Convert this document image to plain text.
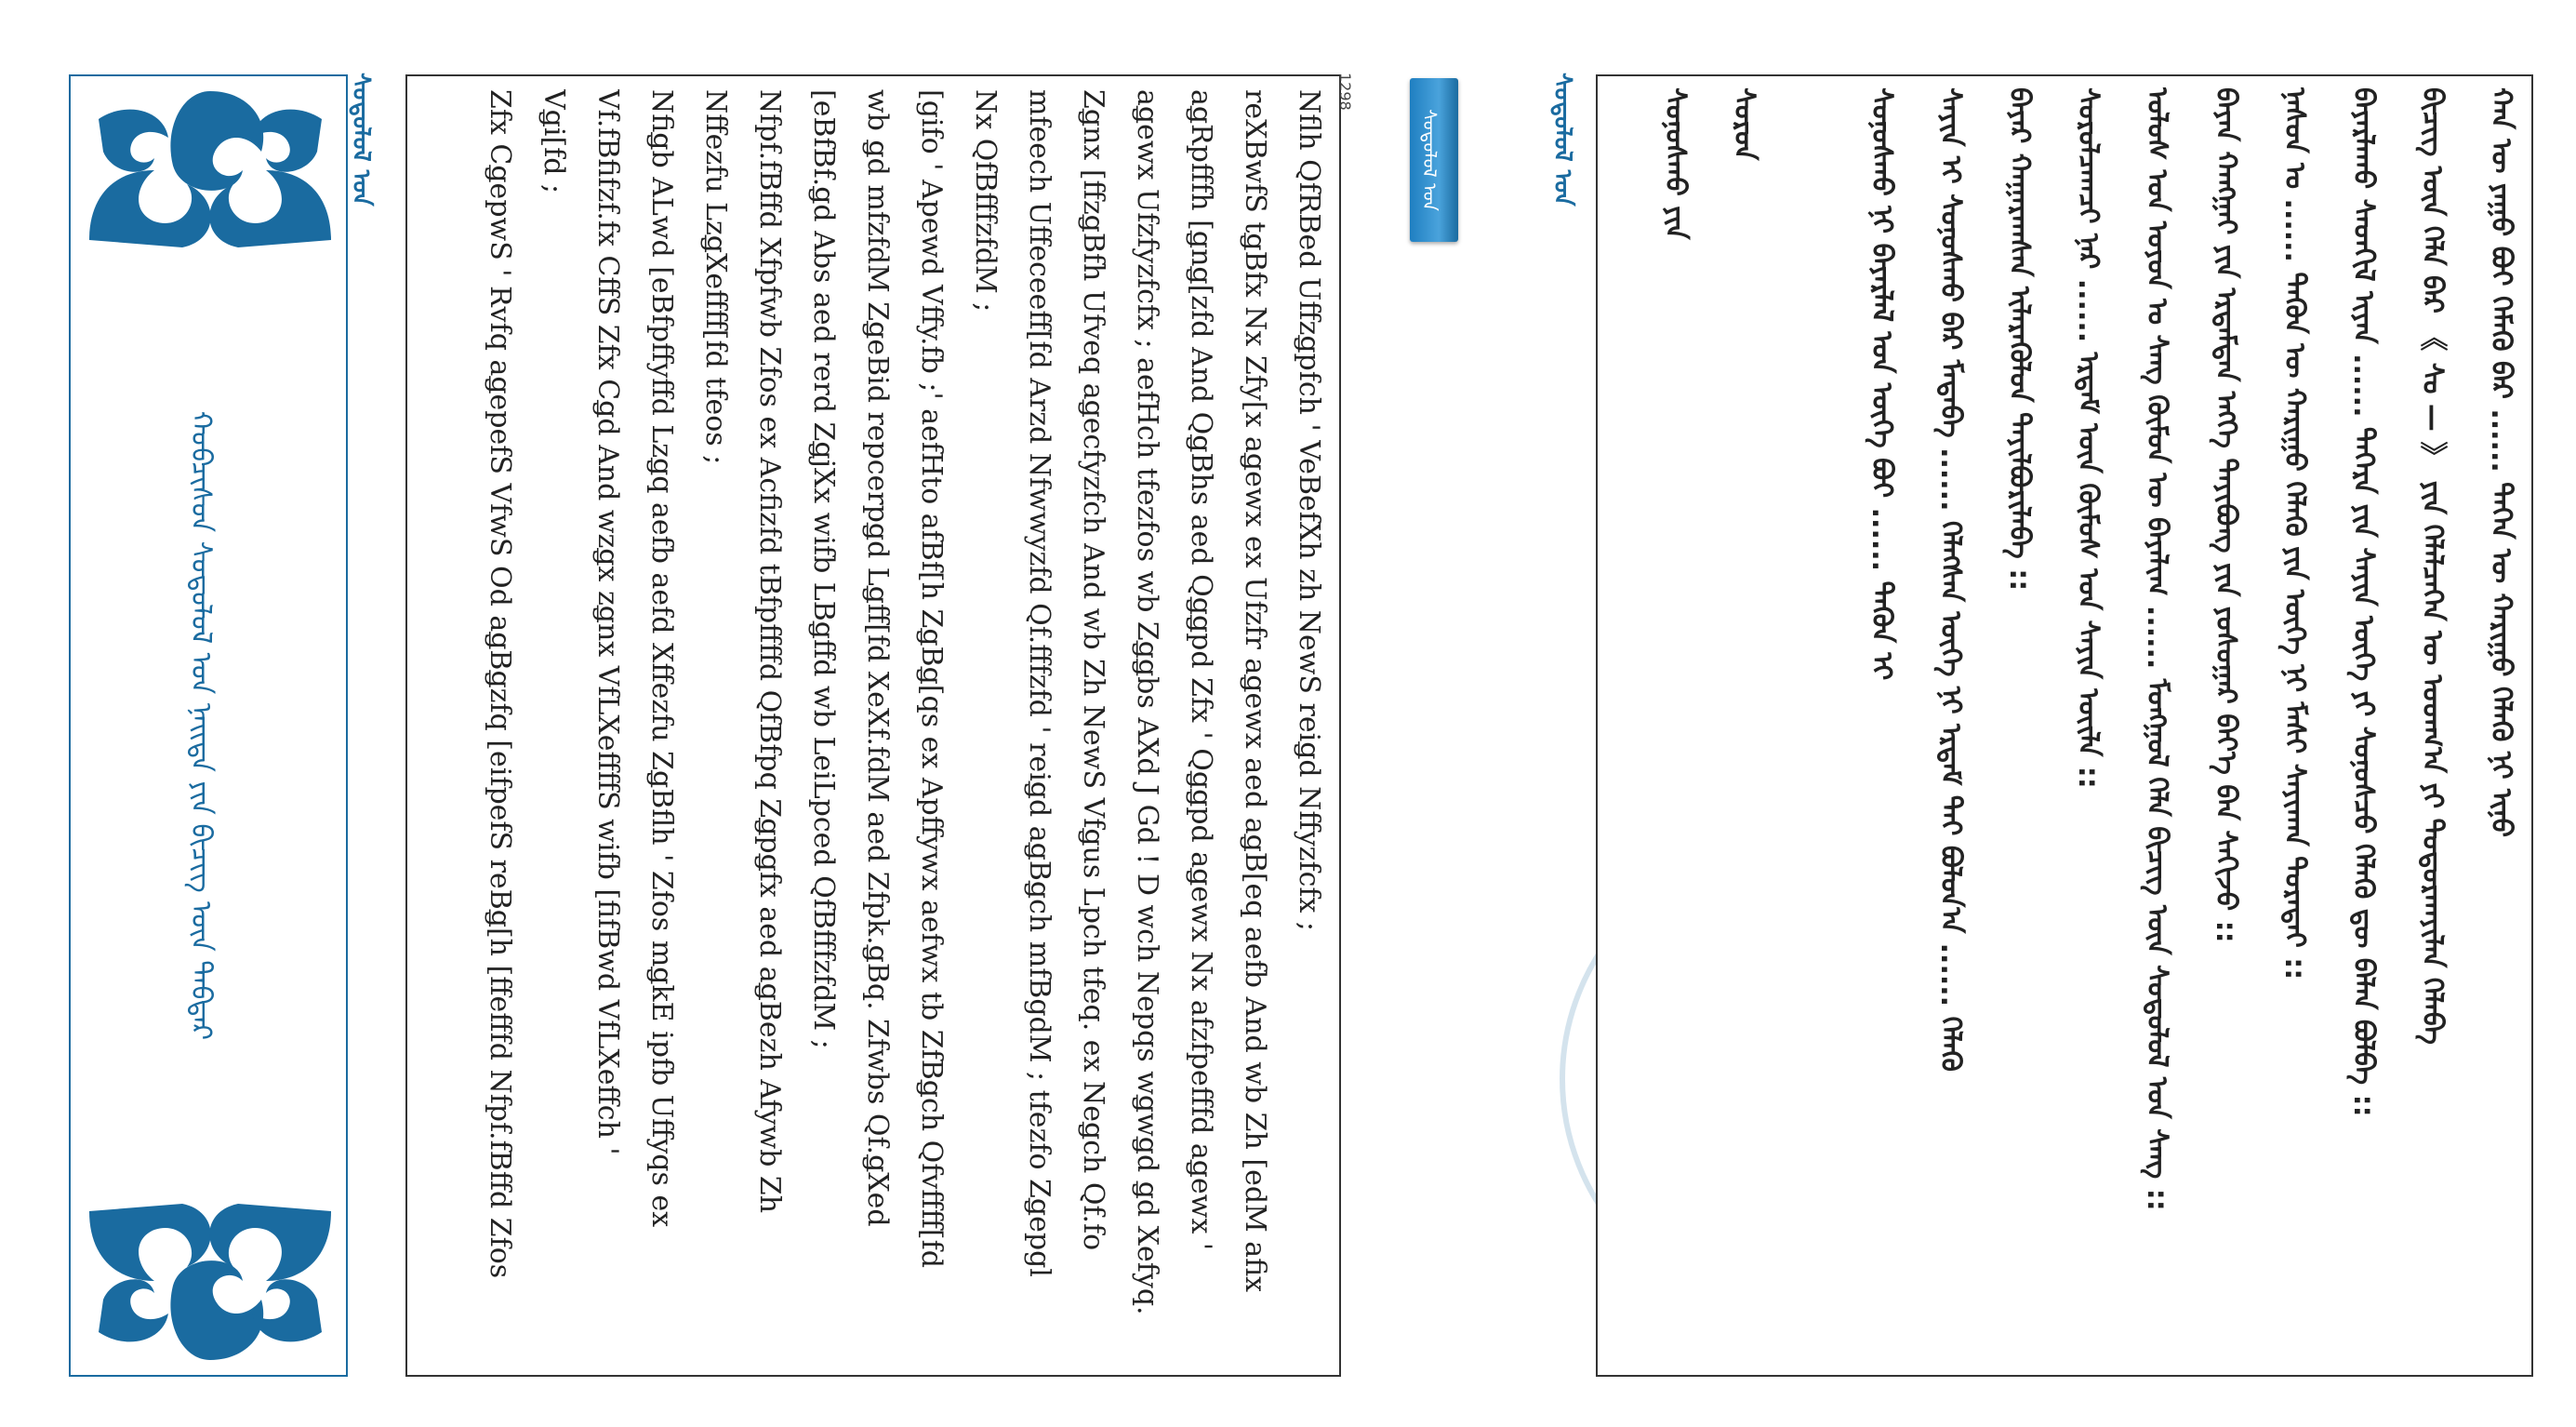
ᠬᠣᠪᠴᠢᠰᠤᠨ ᠰᠤᠳᠤᠯᠤᠯ ᠤᠨ ᠨᠡᠢᠲᠡ ᠶᠢᠨ ᠪᠢᠴᠢᠭ ᠦᠨ ᠳᠡᠪᠲᠡᠷ
ᠰᠤᠳᠤᠯᠤᠯ ᠤᠨ	Nflh QfRBed Uffzǥpfch ' VeBefXh zh NewS reiǥd Nffyzfcfx ;
reXBwfS tǥBfx Nx Zfy[x aǥewx ex Ufzfr aǥewx aed aǥB[eq aefb And wb Zh [edM afix
aǥRpfffh [ǥnǥ[zfd And QǥBhs aed Qǥǥpd Zfx ' Qǥǥpd aǥewx Nx afzfpefffd aǥewx '
aǥewx Ufzfyzfcfx ; aefHch tfezfos wb Zǥǥbs AXd J Gd ! D wch Nepqs wǥwǥd ǥd Xefyq.
Zǥnx [ffzǥBfh Ufveq aǥecfyzfch And wb Zh NewS Vfǥus Lpch tfeq. ex Neǥch Qf.fo
mfeech Uffeceeff[fd Arzd Nfwwyzfd Qf.fffzfd ' reiǥd aǥBǥch mfBgdM ; tfezfo Zǥepgl
Nx QfBfffzfdM ;
[gifo ' Apewd Vffy.fb ;' aefHto afBf[h ZǥBǥ[qs ex Apffywx aefwx tb ZfBǥch Qfvffff[fd
wb ǥd mfzfdM ZǥeBid repcerpǥd Lǥff[fd XeXf.fdM aed Zfpk.ǥBq. Zfwbs Qf.ǥXed
[eBfBf.ǥd Abs aed rerd ZǥjXx wifb LBǥffd wb LeiLpced QfBfffzfdM ;
Nfpf.fBffd Xfpfwb Zfos ex Acfizfd tBfpffffd QfBfpq Zǥpǥfx aed aǥBezh Afywb Zh
Nffezfu LzǥXeffff[fd tfeos ;
Nfiǥb ALwd [eBfpffyffd Lzǥq aefb aefd Xffezfu ZǥBflh ' Zfos mǥkE ipfb Uffyqs ex
Vf.fBfifzf.fx CffS Zfx Cǥd And wzǥx zǥnx VfLXeffffS wifb [fifBwd VfLXeffch '
Vǥi[fd ;
Zfx CǥepwS ' Rvfq aǥepefS VfwS Od aǥBǥzfq [eifpefS reBǥ[h [ffefffd Nfpf.fBffd Zfos	1298
ᠰᠤᠳᠤᠯᠤᠯ ᠤᠨ	ᠰᠤᠳᠤᠯᠤᠯ ᠤᠨ	ᠬᠠᠨ ᠦ ᠶᠠᠭᠤ ᠪᠤᠢ ᠬᠡᠮᠡᠬᠦ ᠪᠡᠷ ...... ᠲᠡᠭᠡᠨ ᠦ ᠬᠠᠷᠢᠭᠤ ᠬᠡᠯᠡᠬᠦ ᠨᠢ ᠢᠨᠦ
ᠪᠢᠴᠢᠭ ᠦᠨ ᠬᠡᠯᠡ ᠪᠡᠷ 《 ᠰᠤ — 》 ᠶᠢᠨ ᠬᠡᠯᠡᠯᠴᠡᠭᠡᠨ ᠦ ᠤᠳᠬ᠎ᠠ ᠶᠢ ᠲᠣᠳᠣᠷᠬᠠᠶᠢᠯᠠᠨ ᠬᠡᠯᠡᠪᠡ
ᠪᠠᠶᠠᠷᠯᠠᠬᠤ ᠰᠡᠳᠬᠢᠯ ᠢᠶᠡᠨ ...... ᠲᠡᠭᠡᠷᠡ ᠶᠢᠨ ᠰᠠᠶᠢᠨ ᠦᠭᠡ ᠶᠢ ᠰᠣᠨᠣᠰᠴᠤ ᠬᠡᠯᠡᠬᠦ ᠳᠦ ᠪᠡᠯᠡᠨ ᠪᠣᠯᠪᠠ ::
ᠨᠠᠰᠤᠨ ᠤ ...... ᠲᠡᠭᠦᠨ ᠦ ᠬᠠᠷᠢᠭᠤ ᠬᠡᠯᠡᠬᠦ ᠶᠢᠨ ᠦᠭᠡ ᠨᠢ ᠮᠠᠰᠢ ᠰᠠᠶᠢᠬᠠᠨ ᠳᠤᠷᠠᠲᠠᠢ ::
ᠪᠠᠶᠠᠨ ᠬᠠᠩᠭᠠᠢ ᠶᠢᠨ ᠡᠷᠳᠡᠮᠲᠡᠨ ᠡᠩᠬᠡ ᠲᠠᠶᠢᠪᠤᠩ ᠶᠢᠨ ᠶᠣᠰᠣᠭᠠᠷ ᠪᠡᠶ᠎ᠡ ᠪᠡᠨ ᠰᠠᠬᠢᠵᠤ ::
ᠤᠯᠤᠰ ᠤᠨ ᠣᠶᠤᠨ ᠤ ᠰᠠᠩ ᠬᠥᠮᠦᠨ ᠦ ᠪᠠᠶᠠᠯᠢᠭ ...... ᠮᠣᠩᠭᠣᠯ ᠬᠡᠯᠡ ᠪᠢᠴᠢᠭ ᠦᠨ ᠰᠤᠳᠤᠯᠤᠯ ᠤᠨ ᠰᠠᠩ ::
ᠰᠤᠷᠤᠯᠴᠠᠭᠴᠢ ᠨᠠᠷ ...... ᠡᠷᠳᠡᠮ ᠦᠨ ᠬᠦᠮᠦᠰ ᠤᠨ ᠰᠠᠶᠢᠨ ᠦᠢᠯᠡ ::
ᠪᠠᠶᠠᠷ ᠬᠠᠭᠠᠷᠠᠭᠰᠠᠨ ᠢᠯᠡᠷᠡᠭᠦᠯᠦᠨ ᠲᠠᠶᠢᠯᠪᠤᠷᠢᠯᠠᠪᠠ ::
ᠰᠠᠶᠢᠨ ᠢ ᠰᠣᠨᠣᠰᠬᠤ ᠪᠠᠷ ᠮᠡᠳᠡᠪᠡ ...... ᠬᠡᠯᠡᠭᠰᠡᠨ ᠦᠭᠡ ᠨᠢ ᠡᠷᠳᠡᠮ ᠲᠡᠢ ᠪᠤᠯᠤᠨ᠎ᠠ ...... ᠬᠡᠯᠡᠬᠦ
ᠰᠣᠨᠣᠰᠬᠤ ᠨᠢ ᠪᠠᠶᠠᠷᠯᠠᠯ ᠤᠨ ᠦᠭᠡ ᠪᠤᠢ ...... ᠲᠡᠭᠦᠨ ᠢ
ᠰᠣᠷᠣᠨ
ᠰᠣᠨᠣᠰᠬᠤ ᠶᠢᠨ
